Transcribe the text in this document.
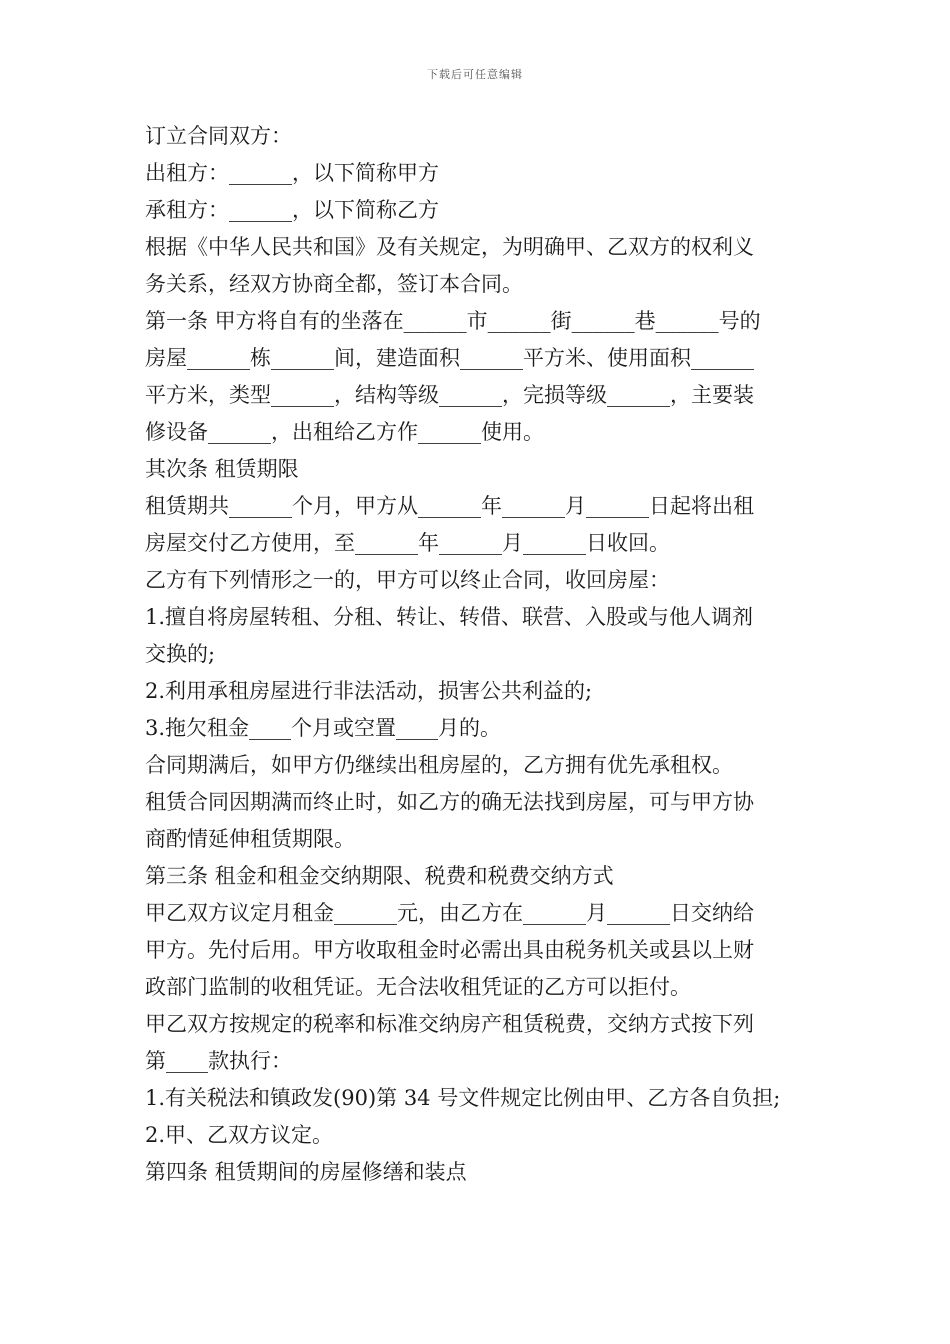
下载后可任意编辑
订立合同双方：
出租方：______，以下简称甲方
承租方：______，以下简称乙方
根据《中华人民共和国》及有关规定，为明确甲、乙双方的权利义
务关系，经双方协商全都，签订本合同。
第一条 甲方将自有的坐落在______市______街______巷______号的
房屋______栋______间，建造面积______平方米、使用面积______
平方米，类型______，结构等级______，完损等级______，主要装
修设备______，出租给乙方作______使用。
其次条 租赁期限
租赁期共______个月，甲方从______年______月______日起将出租
房屋交付乙方使用，至______年______月______日收回。
乙方有下列情形之一的，甲方可以终止合同，收回房屋：
1.擅自将房屋转租、分租、转让、转借、联营、入股或与他人调剂
交换的;
2.利用承租房屋进行非法活动，损害公共利益的;
3.拖欠租金____个月或空置____月的。
合同期满后，如甲方仍继续出租房屋的，乙方拥有优先承租权。
租赁合同因期满而终止时，如乙方的确无法找到房屋，可与甲方协
商酌情延伸租赁期限。
第三条 租金和租金交纳期限、税费和税费交纳方式
甲乙双方议定月租金______元，由乙方在______月______日交纳给
甲方。先付后用。甲方收取租金时必需出具由税务机关或县以上财
政部门监制的收租凭证。无合法收租凭证的乙方可以拒付。
甲乙双方按规定的税率和标准交纳房产租赁税费，交纳方式按下列
第____款执行：
1.有关税法和镇政发(90)第 34 号文件规定比例由甲、乙方各自负担;
2.甲、乙双方议定。
第四条 租赁期间的房屋修缮和装点
